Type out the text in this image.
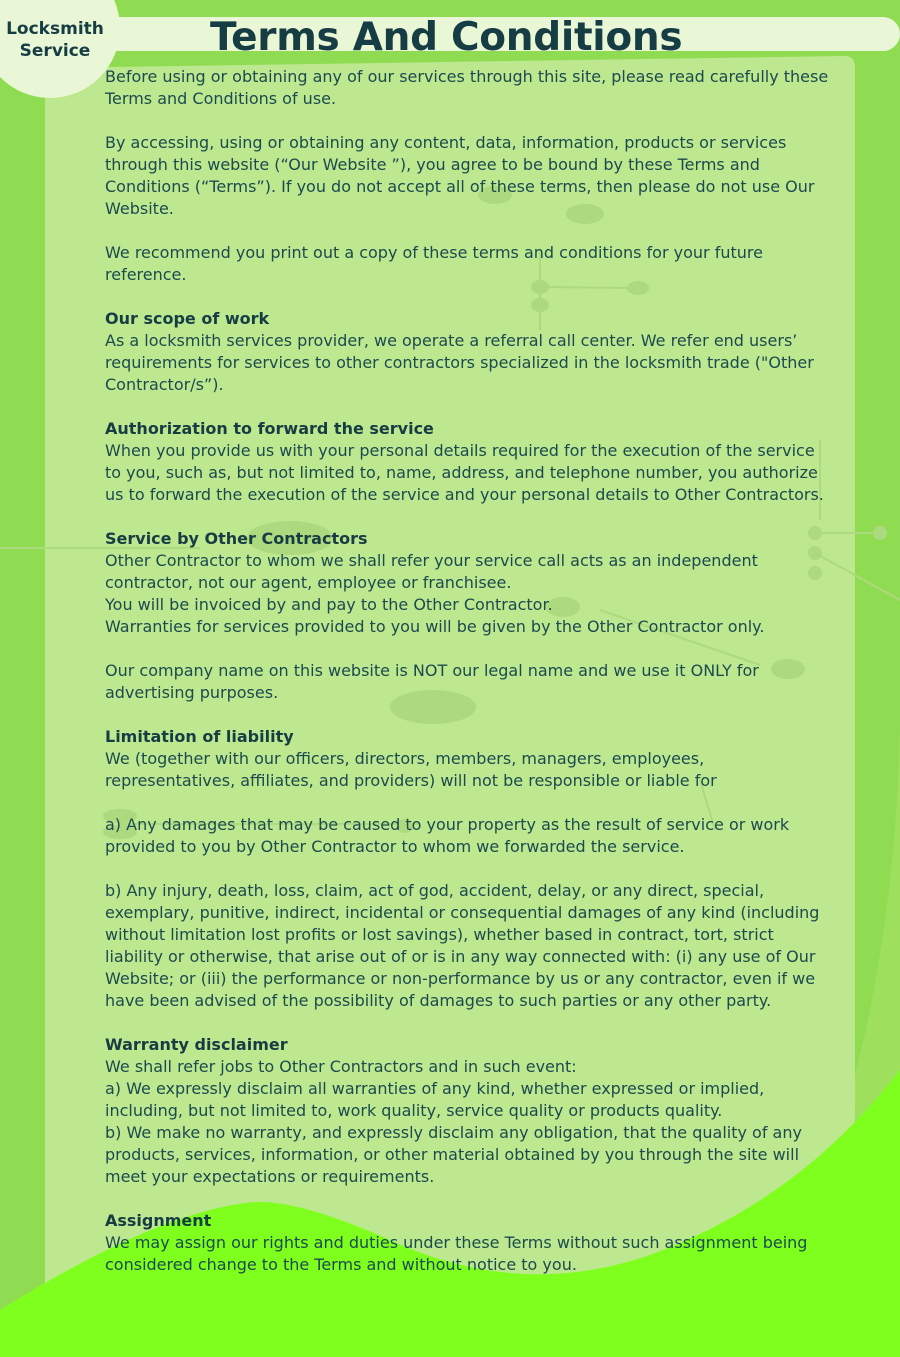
Terms And Conditions
Locksmith
Service

Before using or obtaining any of our services through this site, please read carefully these Terms and Conditions of use.

By accessing, using or obtaining any content, data, information, products or services through this website (“Our Website ”), you agree to be bound by these Terms and Conditions (“Terms”). If you do not accept all of these terms, then please do not use Our Website.

We recommend you print out a copy of these terms and conditions for your future reference.

Our scope of work

As a locksmith services provider, we operate a referral call center. We refer end users’ requirements for services to other contractors specialized in the locksmith trade ("Other Contractor/s”).

Authorization to forward the service

When you provide us with your personal details required for the execution of the service to you, such as, but not limited to, name, address, and telephone number, you authorize us to forward the execution of the service and your personal details to Other Contractors.

Service by Other Contractors

Other Contractor to whom we shall refer your service call acts as an independent contractor, not our agent, employee or franchisee.

You will be invoiced by and pay to the Other Contractor.

Warranties for services provided to you will be given by the Other Contractor only.

Our company name on this website is NOT our legal name and we use it ONLY for advertising purposes.

Limitation of liability

We (together with our officers, directors, members, managers, employees, representatives, affiliates, and providers) will not be responsible or liable for

a) Any damages that may be caused to your property as the result of service or work provided to you by Other Contractor to whom we forwarded the service.

b) Any injury, death, loss, claim, act of god, accident, delay, or any direct, special, exemplary, punitive, indirect, incidental or consequential damages of any kind (including without limitation lost profits or lost savings), whether based in contract, tort, strict liability or otherwise, that arise out of or is in any way connected with: (i) any use of Our Website; or (iii) the performance or non-performance by us or any contractor, even if we have been advised of the possibility of damages to such parties or any other party.

Warranty disclaimer

We shall refer jobs to Other Contractors and in such event:

a) We expressly disclaim all warranties of any kind, whether expressed or implied, including, but not limited to, work quality, service quality or products quality.

b) We make no warranty, and expressly disclaim any obligation, that the quality of any products, services, information, or other material obtained by you through the site will meet your expectations or requirements.

Assignment

We may assign our rights and duties under these Terms without such assignment being considered change to the Terms and without notice to you.
